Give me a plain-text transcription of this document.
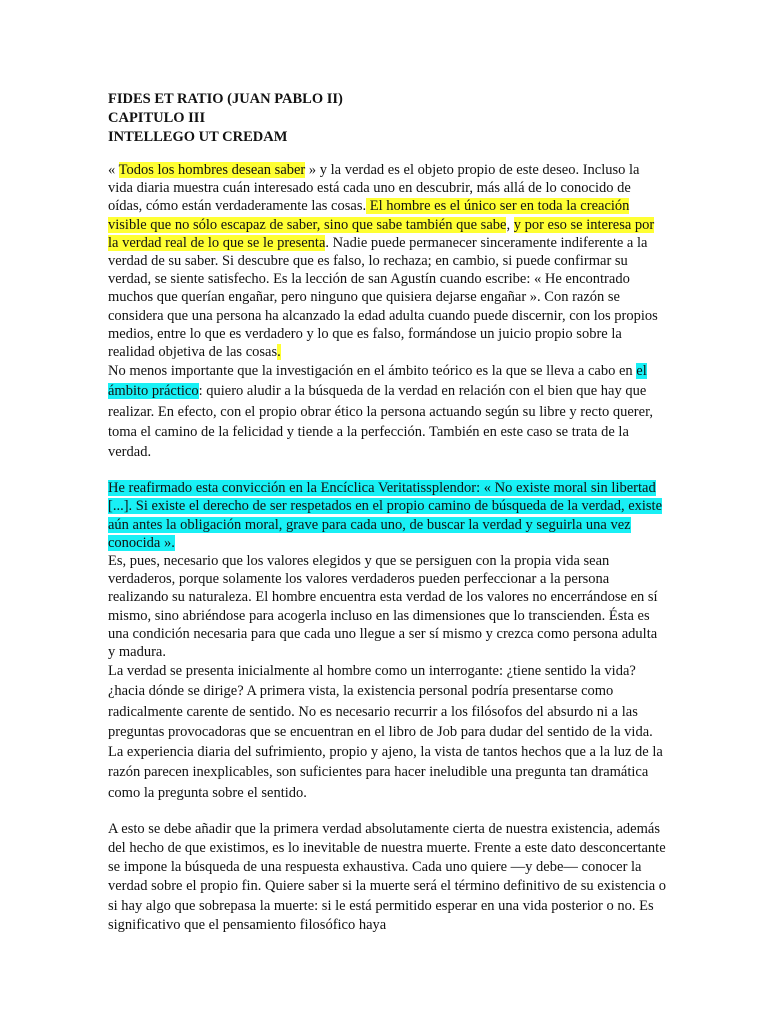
FIDES ET RATIO (JUAN PABLO II)
CAPITULO III
INTELLEGO UT CREDAM

« Todos los hombres desean saber » y la verdad es el objeto propio de este deseo. Incluso la vida diaria muestra cuán interesado está cada uno en descubrir, más allá de lo conocido de oídas, cómo están verdaderamente las cosas. El hombre es el único ser en toda la creación visible que no sólo escapaz de saber, sino que sabe también que sabe, y por eso se interesa por la verdad real de lo que se le presenta. Nadie puede permanecer sinceramente indiferente a la verdad de su saber. Si descubre que es falso, lo rechaza; en cambio, si puede confirmar su verdad, se siente satisfecho. Es la lección de san Agustín cuando escribe: « He encontrado muchos que querían engañar, pero ninguno que quisiera dejarse engañar ». Con razón se considera que una persona ha alcanzado la edad adulta cuando puede discernir, con los propios medios, entre lo que es verdadero y lo que es falso, formándose un juicio propio sobre la realidad objetiva de las cosas.

No menos importante que la investigación en el ámbito teórico es la que se lleva a cabo en el ámbito práctico: quiero aludir a la búsqueda de la verdad en relación con el bien que hay que realizar. En efecto, con el propio obrar ético la persona actuando según su libre y recto querer, toma el camino de la felicidad y tiende a la perfección. También en este caso se trata de la verdad.

He reafirmado esta convicción en la Encíclica Veritatissplendor: « No existe moral sin libertad [...]. Si existe el derecho de ser respetados en el propio camino de búsqueda de la verdad, existe aún antes la obligación moral, grave para cada uno, de buscar la verdad y seguirla una vez conocida ».

Es, pues, necesario que los valores elegidos y que se persiguen con la propia vida sean verdaderos, porque solamente los valores verdaderos pueden perfeccionar a la persona realizando su naturaleza. El hombre encuentra esta verdad de los valores no encerrándose en sí mismo, sino abriéndose para acogerla incluso en las dimensiones que lo transcienden. Ésta es una condición necesaria para que cada uno llegue a ser sí mismo y crezca como persona adulta y madura.

La verdad se presenta inicialmente al hombre como un interrogante: ¿tiene sentido la vida? ¿hacia dónde se dirige? A primera vista, la existencia personal podría presentarse como radicalmente carente de sentido. No es necesario recurrir a los filósofos del absurdo ni a las preguntas provocadoras que se encuentran en el libro de Job para dudar del sentido de la vida. La experiencia diaria del sufrimiento, propio y ajeno, la vista de tantos hechos que a la luz de la razón parecen inexplicables, son suficientes para hacer ineludible una pregunta tan dramática como la pregunta sobre el sentido.

A esto se debe añadir que la primera verdad absolutamente cierta de nuestra existencia, además del hecho de que existimos, es lo inevitable de nuestra muerte. Frente a este dato desconcertante se impone la búsqueda de una respuesta exhaustiva. Cada uno quiere —y debe— conocer la verdad sobre el propio fin. Quiere saber si la muerte será el término definitivo de su existencia o si hay algo que sobrepasa la muerte: si le está permitido esperar en una vida posterior o no. Es significativo que el pensamiento filosófico haya
